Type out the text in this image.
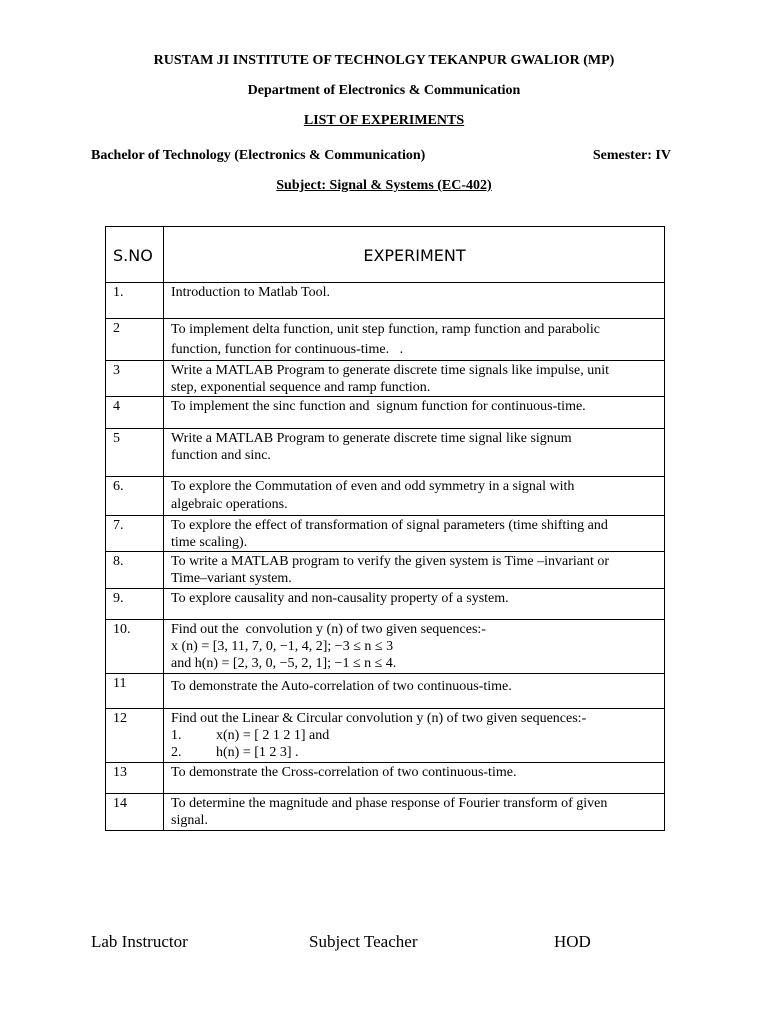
RUSTAM JI INSTITUTE OF TECHNOLGY TEKANPUR GWALIOR (MP)
Department of Electronics & Communication
LIST OF EXPERIMENTS
Bachelor of Technology (Electronics & Communication)	Semester: IV
Subject: Signal & Systems (EC-402)
S.NO	EXPERIMENT
1.	Introduction to Matlab Tool.

2	To implement delta function, unit step function, ramp function and parabolic
function, function for continuous-time.   .

3	Write a MATLAB Program to generate discrete time signals like impulse, unit
step, exponential sequence and ramp function.

4	To implement the sinc function and  signum function for continuous-time.

5	Write a MATLAB Program to generate discrete time signal like signum
function and sinc.

6.	To explore the Commutation of even and odd symmetry in a signal with
algebraic operations.

7.	To explore the effect of transformation of signal parameters (time shifting and
time scaling).

8.	To write a MATLAB program to verify the given system is Time –invariant or
Time–variant system.

9.	To explore causality and non-causality property of a system.

10.	Find out the  convolution y (n) of two given sequences:-
x (n) = [3, 11, 7, 0, −1, 4, 2]; −3 ≤ n ≤ 3
and h(n) = [2, 3, 0, −5, 2, 1]; −1 ≤ n ≤ 4.

11	To demonstrate the Auto-correlation of two continuous-time.

12	Find out the Linear & Circular convolution y (n) of two given sequences:-
1. x(n) = [ 2 1 2 1] and
2. h(n) = [1 2 3] .

13	To demonstrate the Cross-correlation of two continuous-time.

14	To determine the magnitude and phase response of Fourier transform of given
signal.
Lab Instructor	Subject Teacher	HOD
